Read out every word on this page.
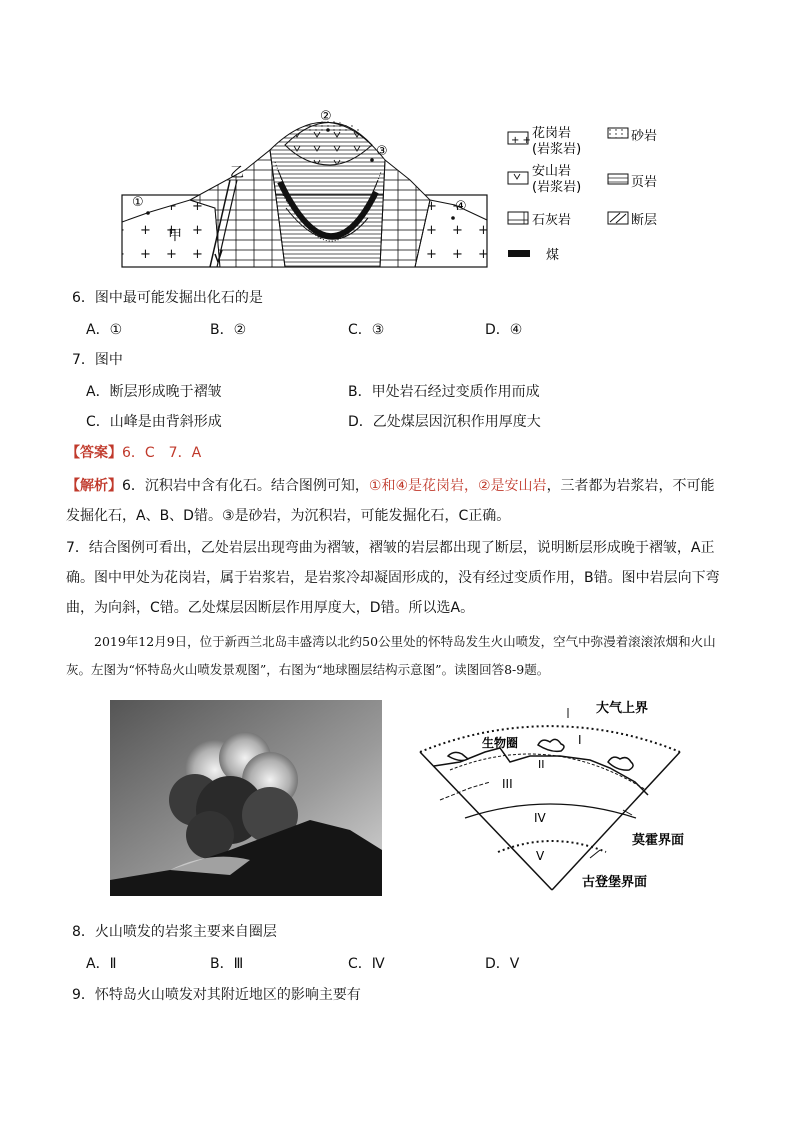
①
②
③
④
甲
乙
+ + 花岗岩
(岩浆岩)
砂岩
安山岩
(岩浆岩)	页岩
石灰岩	断层
煤
6．图中最可能发掘出化石的是
A．①	B．②	C．③	D．④
7．图中
A．断层形成晚于褶皱	B．甲处岩石经过变质作用而成
C．山峰是由背斜形成	D．乙处煤层因沉积作用厚度大
【答案】6．C　7．A
【解析】6．沉积岩中含有化石。结合图例可知，①和④是花岗岩，②是安山岩，三者都为岩浆岩，不可能发掘化石，A、B、D错。③是砂岩，为沉积岩，可能发掘化石，C正确。
7．结合图例可看出，乙处岩层出现弯曲为褶皱，褶皱的岩层都出现了断层，说明断层形成晚于褶皱，A正确。图中甲处为花岗岩，属于岩浆岩，是岩浆冷却凝固形成的，没有经过变质作用，B错。图中岩层向下弯曲，为向斜，C错。乙处煤层因断层作用厚度大，D错。所以选A。
2019年12月9日，位于新西兰北岛丰盛湾以北约50公里处的怀特岛发生火山喷发，空气中弥漫着滚滚浓烟和火山灰。左图为“怀特岛火山喷发景观图”，右图为“地球圈层结构示意图”。读图回答8-9题。
大气上界
生物圈	I
II
III
IV
V
莫霍界面
古登堡界面
8．火山喷发的岩浆主要来自圈层
A．Ⅱ	B．Ⅲ	C．Ⅳ	D．Ⅴ
9．怀特岛火山喷发对其附近地区的影响主要有
